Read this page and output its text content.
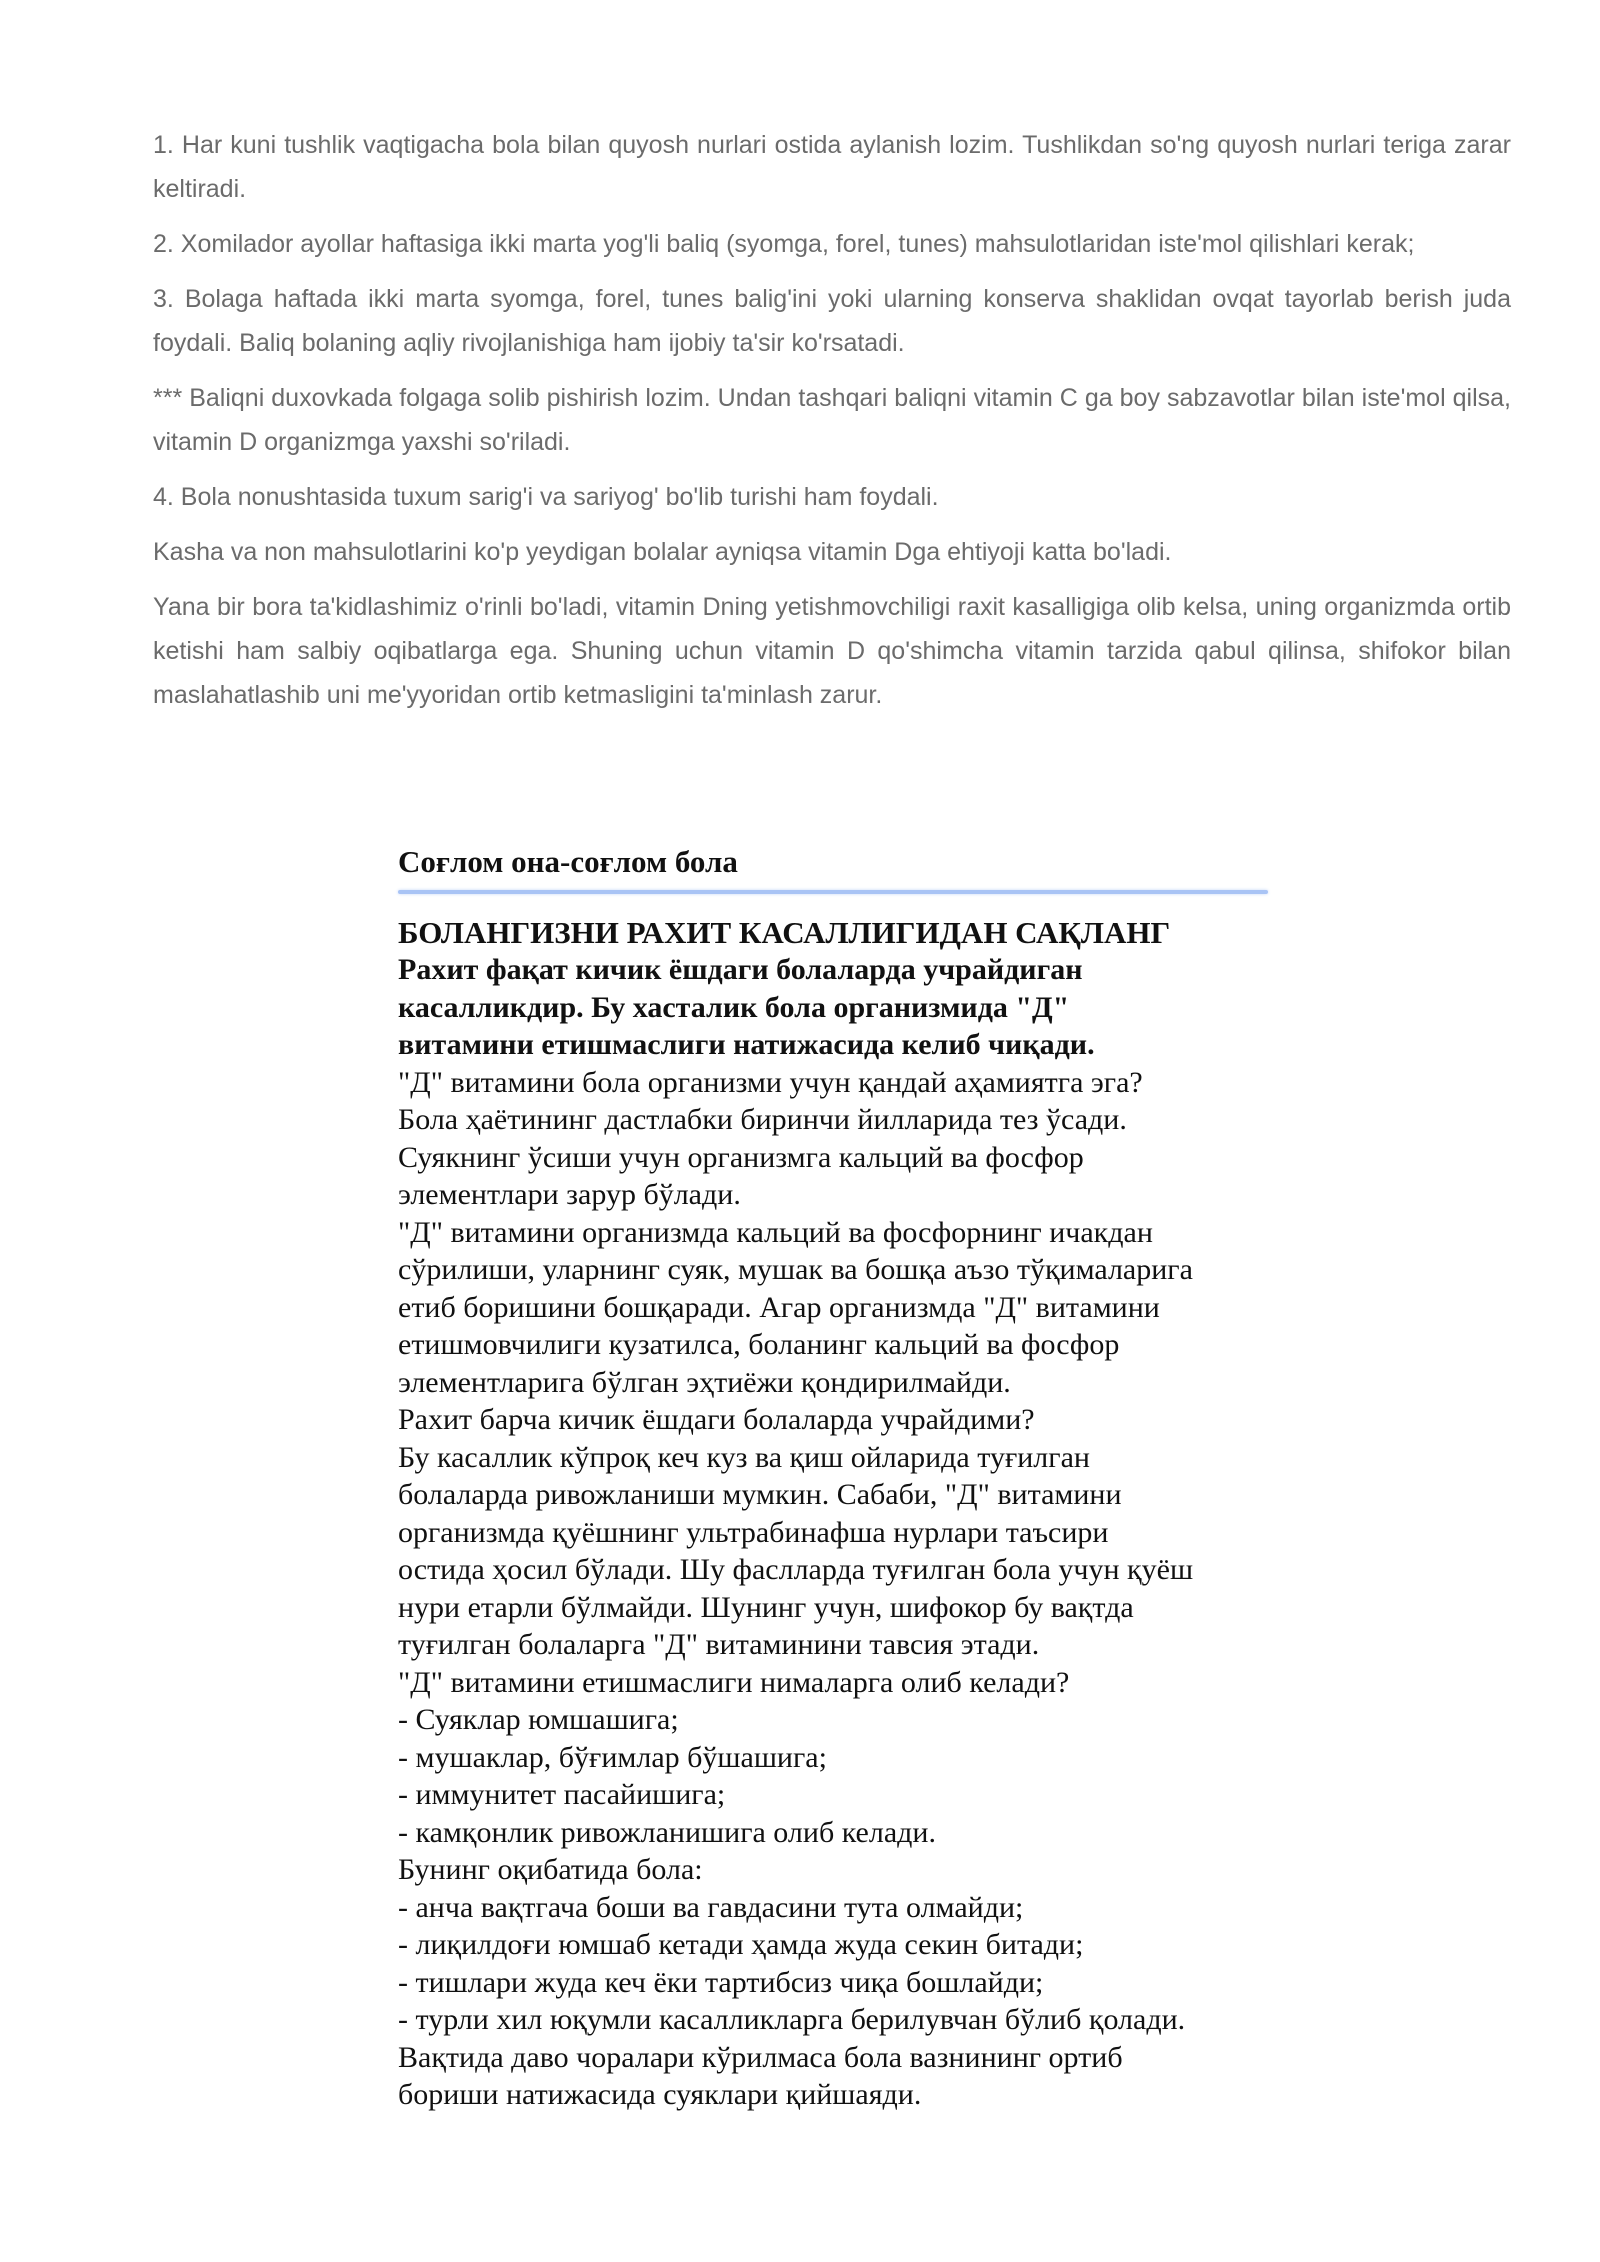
1. Har kuni tushlik vaqtigacha bola bilan quyosh nurlari ostida aylanish lozim. Tushlikdan so'ng quyosh nurlari teriga zarar keltiradi.

2. Xomilador ayollar haftasiga ikki marta yog'li baliq (syomga, forel, tunes) mahsulotlaridan iste'mol qilishlari kerak;

3. Bolaga haftada ikki marta syomga, forel, tunes balig'ini yoki ularning konserva shaklidan ovqat tayorlab berish juda foydali. Baliq bolaning aqliy rivojlanishiga ham ijobiy ta'sir ko'rsatadi.

*** Baliqni duxovkada folgaga solib pishirish lozim. Undan tashqari baliqni vitamin C ga boy sabzavotlar bilan iste'mol qilsa, vitamin D organizmga yaxshi so'riladi.

4. Bola nonushtasida tuxum sarig'i va sariyog' bo'lib turishi ham foydali.

Kasha va non mahsulotlarini ko'p yeydigan bolalar ayniqsa vitamin Dga ehtiyoji katta bo'ladi.

Yana bir bora ta'kidlashimiz o'rinli bo'ladi, vitamin Dning yetishmovchiligi raxit kasalligiga olib kelsa, uning organizmda ortib ketishi ham salbiy oqibatlarga ega. Shuning uchun vitamin D qo'shimcha vitamin tarzida qabul qilinsa, shifokor bilan maslahatlashib uni me'yyoridan ortib ketmasligini ta'minlash zarur.

Соғлом она-соғлом бола

БОЛАНГИЗНИ РАХИТ КАСАЛЛИГИДАН САҚЛАНГ

Рахит фақат кичик ёшдаги болаларда учрайдиган

касалликдир. Бу хасталик бола организмида "Д"

витамини етишмаслиги натижасида келиб чиқади.

"Д" витамини бола организми учун қандай аҳамиятга эга?

Бола ҳаётининг дастлабки биринчи йилларида тез ўсади.

Суякнинг ўсиши учун организмга кальций ва фосфор

элементлари зарур бўлади.

"Д" витамини организмда кальций ва фосфорнинг ичакдан

сўрилиши, уларнинг суяк, мушак ва бошқа аъзо тўқималарига

етиб боришини бошқаради. Агар организмда "Д" витамини

етишмовчилиги кузатилса, боланинг кальций ва фосфор

элементларига бўлган эҳтиёжи қондирилмайди.

Рахит барча кичик ёшдаги болаларда учрайдими?

Бу касаллик кўпроқ кеч куз ва қиш ойларида туғилган

болаларда ривожланиши мумкин. Сабаби, "Д" витамини

организмда қуёшнинг ультрабинафша нурлари таъсири

остида ҳосил бўлади. Шу фаслларда туғилган бола учун қуёш

нури етарли бўлмайди. Шунинг учун, шифокор бу вақтда

туғилган болаларга "Д" витаминини тавсия этади.

"Д" витамини етишмаслиги нималарга олиб келади?

- Суяклар юмшашига;

- мушаклар, бўғимлар бўшашига;

- иммунитет пасайишига;

- камқонлик ривожланишига олиб келади.

Бунинг оқибатида бола:

- анча вақтгача боши ва гавдасини тута олмайди;

- лиқилдоғи юмшаб кетади ҳамда жуда секин битади;

- тишлари жуда кеч ёки тартибсиз чиқа бошлайди;

- турли хил юқумли касалликларга берилувчан бўлиб қолади.

Вақтида даво чоралари кўрилмаса бола вазнининг ортиб

бориши натижасида суяклари қийшаяди.
